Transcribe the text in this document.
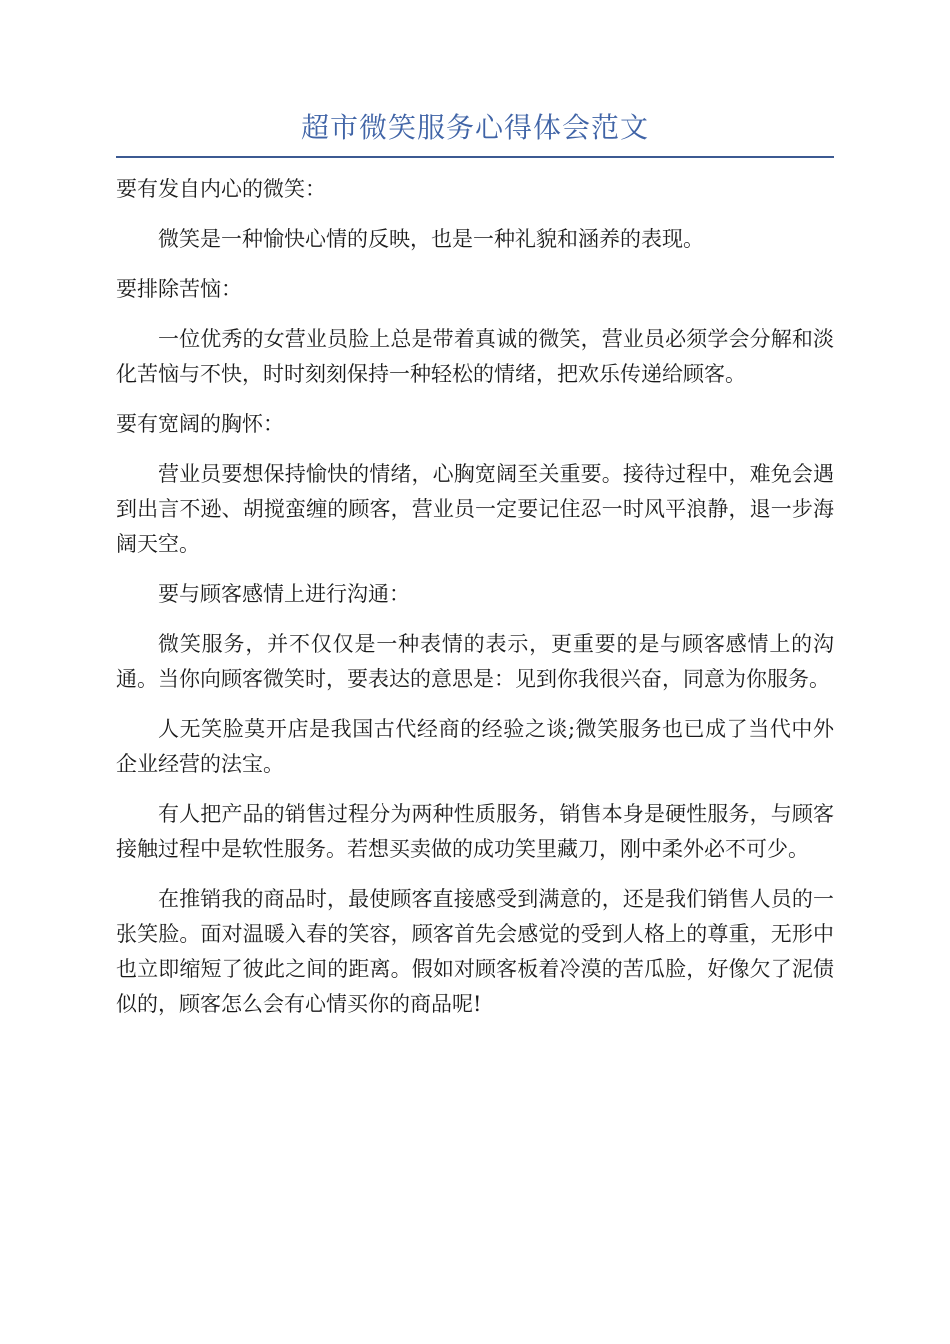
超市微笑服务心得体会范文

要有发自内心的微笑：

微笑是一种愉快心情的反映，也是一种礼貌和涵养的表现。

要排除苦恼：

一位优秀的女营业员脸上总是带着真诚的微笑，营业员必须学会分解和淡化苦恼与不快，时时刻刻保持一种轻松的情绪，把欢乐传递给顾客。

要有宽阔的胸怀：

营业员要想保持愉快的情绪，心胸宽阔至关重要。接待过程中，难免会遇到出言不逊、胡搅蛮缠的顾客，营业员一定要记住忍一时风平浪静，退一步海阔天空。

要与顾客感情上进行沟通：

微笑服务，并不仅仅是一种表情的表示，更重要的是与顾客感情上的沟通。当你向顾客微笑时，要表达的意思是：见到你我很兴奋，同意为你服务。

人无笑脸莫开店是我国古代经商的经验之谈;微笑服务也已成了当代中外企业经营的法宝。

有人把产品的销售过程分为两种性质服务，销售本身是硬性服务，与顾客接触过程中是软性服务。若想买卖做的成功笑里藏刀，刚中柔外必不可少。

在推销我的商品时，最使顾客直接感受到满意的，还是我们销售人员的一张笑脸。面对温暖入春的笑容，顾客首先会感觉的受到人格上的尊重，无形中也立即缩短了彼此之间的距离。假如对顾客板着冷漠的苦瓜脸，好像欠了泥债似的，顾客怎么会有心情买你的商品呢!
